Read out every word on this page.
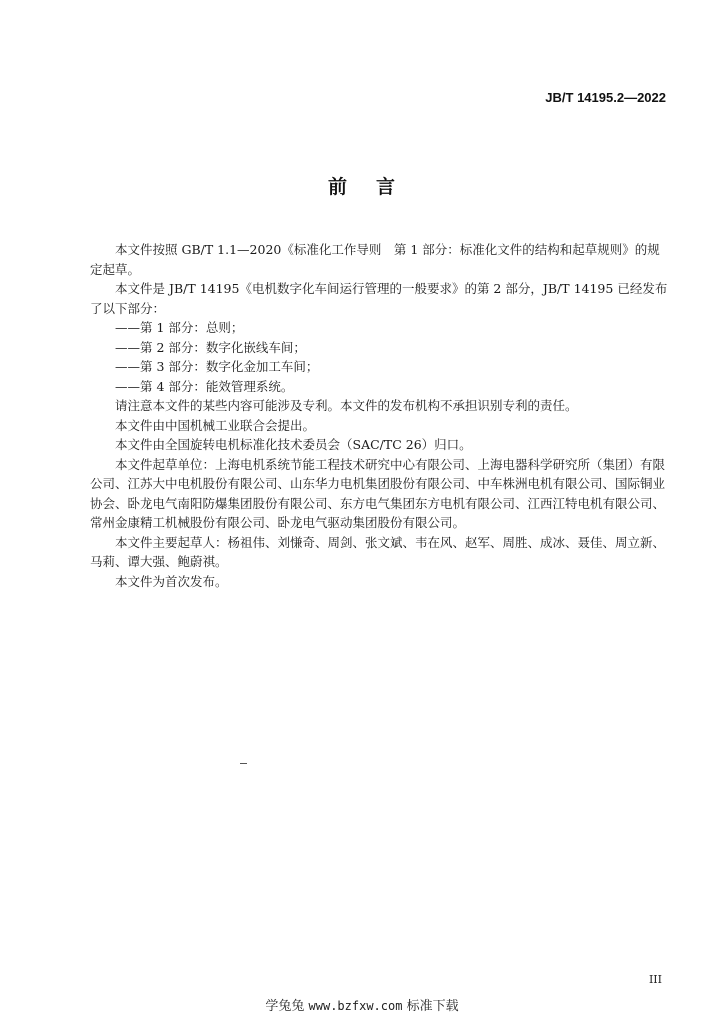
JB/T 14195.2—2022
前 言

本文件按照 GB/T 1.1—2020《标准化工作导则　第 1 部分：标准化文件的结构和起草规则》的规定起草。

本文件是 JB/T 14195《电机数字化车间运行管理的一般要求》的第 2 部分，JB/T 14195 已经发布了以下部分：

——第 1 部分：总则；

——第 2 部分：数字化嵌线车间；

——第 3 部分：数字化金加工车间；

——第 4 部分：能效管理系统。

请注意本文件的某些内容可能涉及专利。本文件的发布机构不承担识别专利的责任。

本文件由中国机械工业联合会提出。

本文件由全国旋转电机标准化技术委员会（SAC/TC 26）归口。

本文件起草单位：上海电机系统节能工程技术研究中心有限公司、上海电器科学研究所（集团）有限公司、江苏大中电机股份有限公司、山东华力电机集团股份有限公司、中车株洲电机有限公司、国际铜业协会、卧龙电气南阳防爆集团股份有限公司、东方电气集团东方电机有限公司、江西江特电机有限公司、常州金康精工机械股份有限公司、卧龙电气驱动集团股份有限公司。

本文件主要起草人：杨祖伟、刘慊奇、周剑、张文斌、韦在风、赵军、周胜、成冰、聂佳、周立新、马莉、谭大强、鲍蔚祺。

本文件为首次发布。

III
学兔兔 www.bzfxw.com 标准下载
